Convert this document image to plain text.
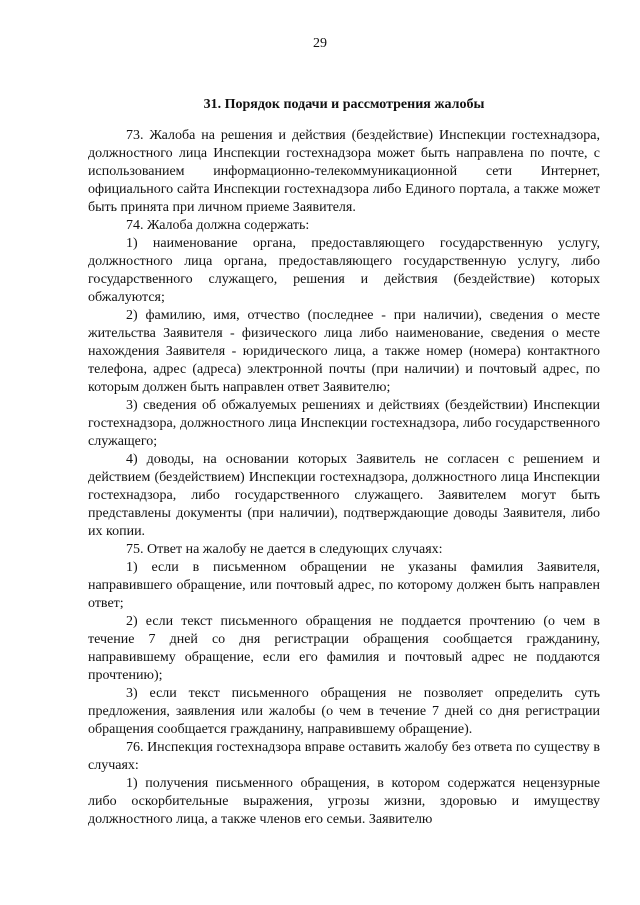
29
31. Порядок подачи и рассмотрения жалобы

73. Жалоба на решения и действия (бездействие) Инспекции гостехнадзора, должностного лица Инспекции гостехнадзора может быть направлена по почте, с использованием информационно-телекоммуникационной сети Интернет, официального сайта Инспекции гостехнадзора либо Единого портала, а также может быть принята при личном приеме Заявителя.

74. Жалоба должна содержать:

1) наименование органа, предоставляющего государственную услугу, должностного лица органа, предоставляющего государственную услугу, либо государственного служащего, решения и действия (бездействие) которых обжалуются;

2) фамилию, имя, отчество (последнее - при наличии), сведения о месте жительства Заявителя - физического лица либо наименование, сведения о месте нахождения Заявителя - юридического лица, а также номер (номера) контактного телефона, адрес (адреса) электронной почты (при наличии) и почтовый адрес, по которым должен быть направлен ответ Заявителю;

3) сведения об обжалуемых решениях и действиях (бездействии) Инспекции гостехнадзора, должностного лица Инспекции гостехнадзора, либо государственного служащего;

4) доводы, на основании которых Заявитель не согласен с решением и действием (бездействием) Инспекции гостехнадзора, должностного лица Инспекции гостехнадзора, либо государственного служащего. Заявителем могут быть представлены документы (при наличии), подтверждающие доводы Заявителя, либо их копии.

75. Ответ на жалобу не дается в следующих случаях:

1) если в письменном обращении не указаны фамилия Заявителя, направившего обращение, или почтовый адрес, по которому должен быть направлен ответ;

2) если текст письменного обращения не поддается прочтению (о чем в течение 7 дней со дня регистрации обращения сообщается гражданину, направившему обращение, если его фамилия и почтовый адрес не поддаются прочтению);

3) если текст письменного обращения не позволяет определить суть предложения, заявления или жалобы (о чем в течение 7 дней со дня регистрации обращения сообщается гражданину, направившему обращение).

76. Инспекция гостехнадзора вправе оставить жалобу без ответа по существу в случаях:

1) получения письменного обращения, в котором содержатся нецензурные либо оскорбительные выражения, угрозы жизни, здоровью и имуществу должностного лица, а также членов его семьи. Заявителю
